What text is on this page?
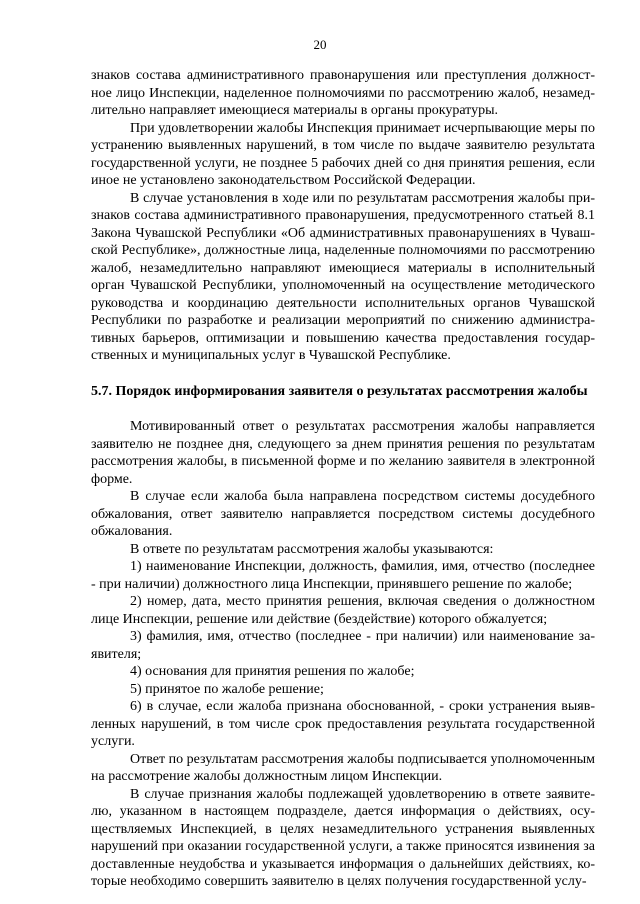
20

знаков состава административного правонарушения или преступления должностное лицо Инспекции, наделенное полномочиями по рассмотрению жалоб, незамедлительно направляет имеющиеся материалы в органы прокуратуры.

При удовлетворении жалобы Инспекция принимает исчерпывающие меры по устранению выявленных нарушений, в том числе по выдаче заявителю результата государственной услуги, не позднее 5 рабочих дней со дня принятия решения, если иное не установлено законодательством Российской Федерации.

В случае установления в ходе или по результатам рассмотрения жалобы признаков состава административного правонарушения, предусмотренного статьей 8.1 Закона Чувашской Республики «Об административных правонарушениях в Чувашской Республике», должностные лица, наделенные полномочиями по рассмотрению жалоб, незамедлительно направляют имеющиеся материалы в исполнительный орган Чувашской Республики, уполномоченный на осуществление методического руководства и координацию деятельности исполнительных органов Чувашской Республики по разработке и реализации мероприятий по снижению административных барьеров, оптимизации и повышению качества предоставления государственных и муниципальных услуг в Чувашской Республике.

5.7. Порядок информирования заявителя о результатах рассмотрения жалобы

Мотивированный ответ о результатах рассмотрения жалобы направляется заявителю не позднее дня, следующего за днем принятия решения по результатам рассмотрения жалобы, в письменной форме и по желанию заявителя в электронной форме.

В случае если жалоба была направлена посредством системы досудебного обжалования, ответ заявителю направляется посредством системы досудебного обжалования.

В ответе по результатам рассмотрения жалобы указываются:

1) наименование Инспекции, должность, фамилия, имя, отчество (последнее - при наличии) должностного лица Инспекции, принявшего решение по жалобе;

2) номер, дата, место принятия решения, включая сведения о должностном лице Инспекции, решение или действие (бездействие) которого обжалуется;

3) фамилия, имя, отчество (последнее - при наличии) или наименование заявителя;

4) основания для принятия решения по жалобе;

5) принятое по жалобе решение;

6) в случае, если жалоба признана обоснованной, - сроки устранения выявленных нарушений, в том числе срок предоставления результата государственной услуги.

Ответ по результатам рассмотрения жалобы подписывается уполномоченным на рассмотрение жалобы должностным лицом Инспекции.

В случае признания жалобы подлежащей удовлетворению в ответе заявителю, указанном в настоящем подразделе, дается информация о действиях, осуществляемых Инспекцией, в целях незамедлительного устранения выявленных нарушений при оказании государственной услуги, а также приносятся извинения за доставленные неудобства и указывается информация о дальнейших действиях, которые необходимо совершить заявителю в целях получения государственной услу-
